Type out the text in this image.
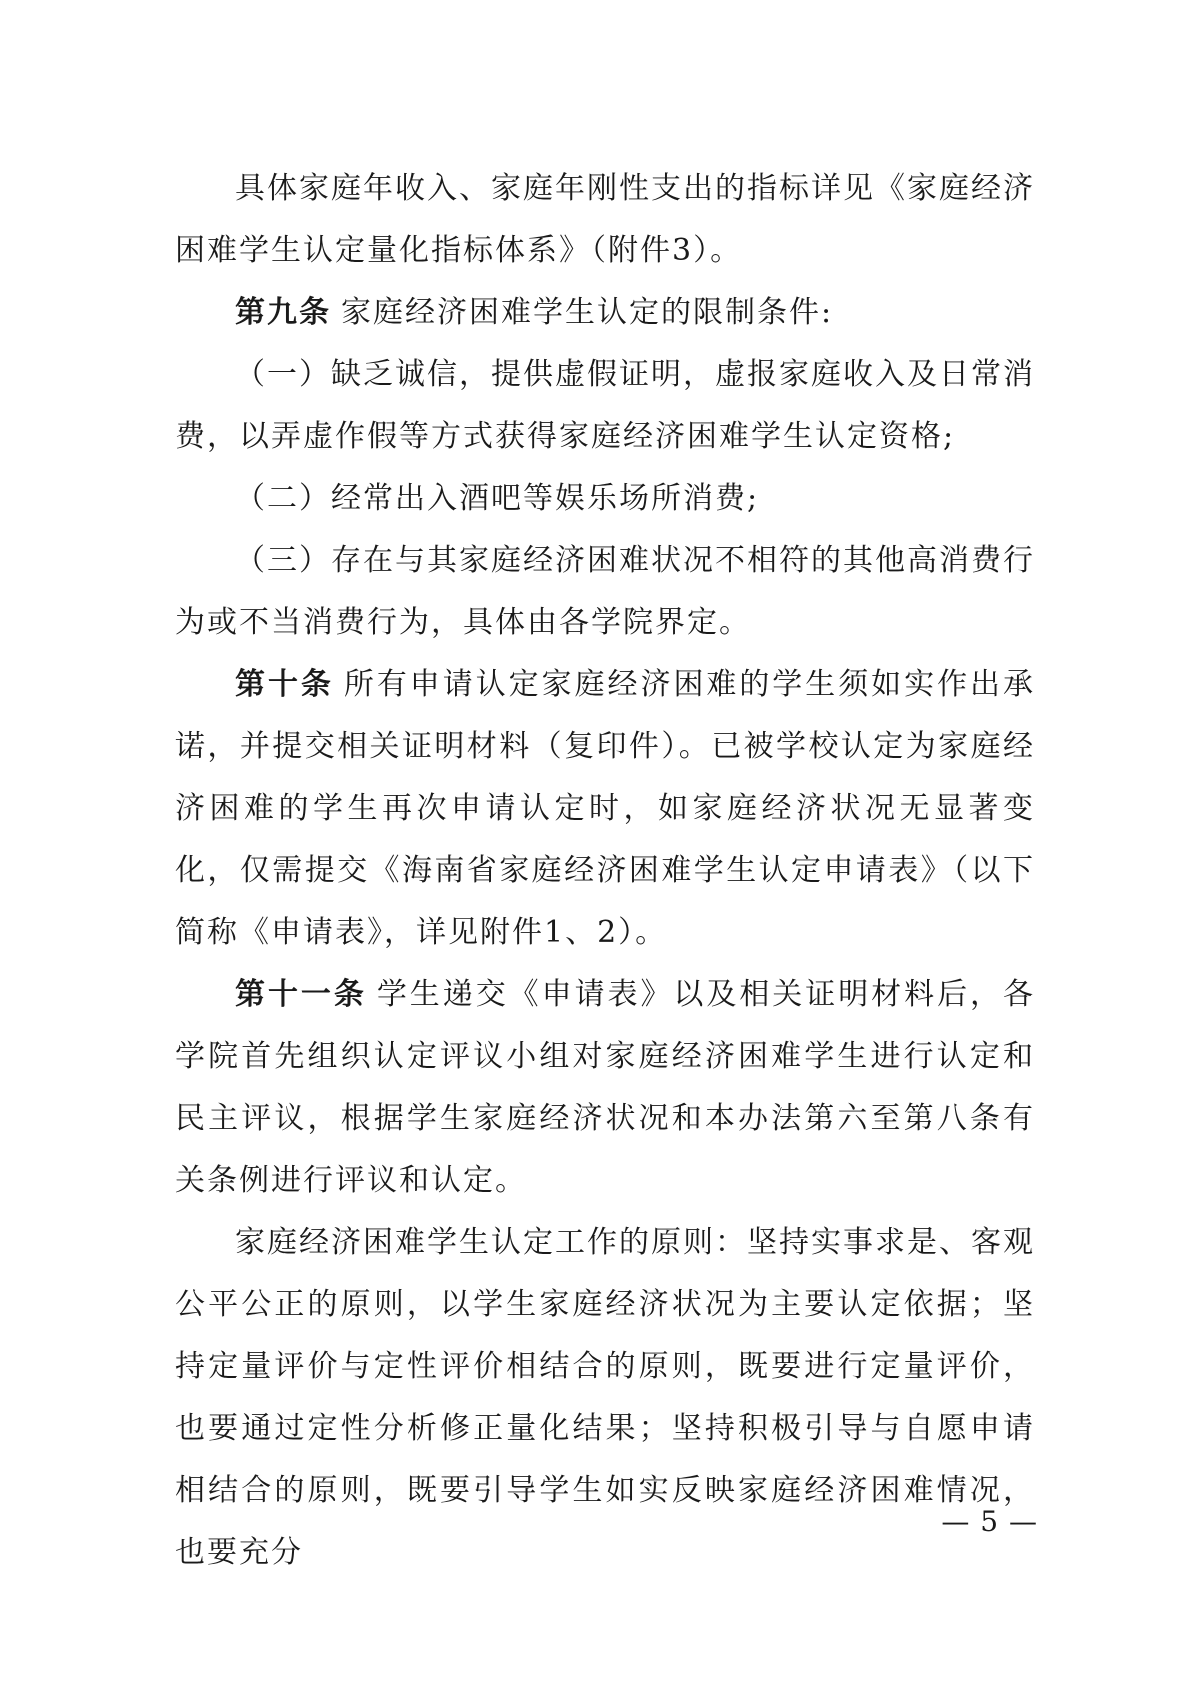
具体家庭年收入、家庭年刚性支出的指标详见《家庭经济困难学生认定量化指标体系》（附件3）。

第九条 家庭经济困难学生认定的限制条件:

（一）缺乏诚信，提供虚假证明，虚报家庭收入及日常消费，以弄虚作假等方式获得家庭经济困难学生认定资格;

（二）经常出入酒吧等娱乐场所消费;

（三）存在与其家庭经济困难状况不相符的其他高消费行为或不当消费行为，具体由各学院界定。

第十条 所有申请认定家庭经济困难的学生须如实作出承诺，并提交相关证明材料（复印件）。已被学校认定为家庭经济困难的学生再次申请认定时，如家庭经济状况无显著变化，仅需提交《海南省家庭经济困难学生认定申请表》（以下简称《申请表》，详见附件1、2）。

第十一条 学生递交《申请表》以及相关证明材料后，各学院首先组织认定评议小组对家庭经济困难学生进行认定和民主评议，根据学生家庭经济状况和本办法第六至第八条有关条例进行评议和认定。

家庭经济困难学生认定工作的原则：坚持实事求是、客观公平公正的原则，以学生家庭经济状况为主要认定依据；坚持定量评价与定性评价相结合的原则，既要进行定量评价，也要通过定性分析修正量化结果；坚持积极引导与自愿申请相结合的原则，既要引导学生如实反映家庭经济困难情况，也要充分

— 5 —
